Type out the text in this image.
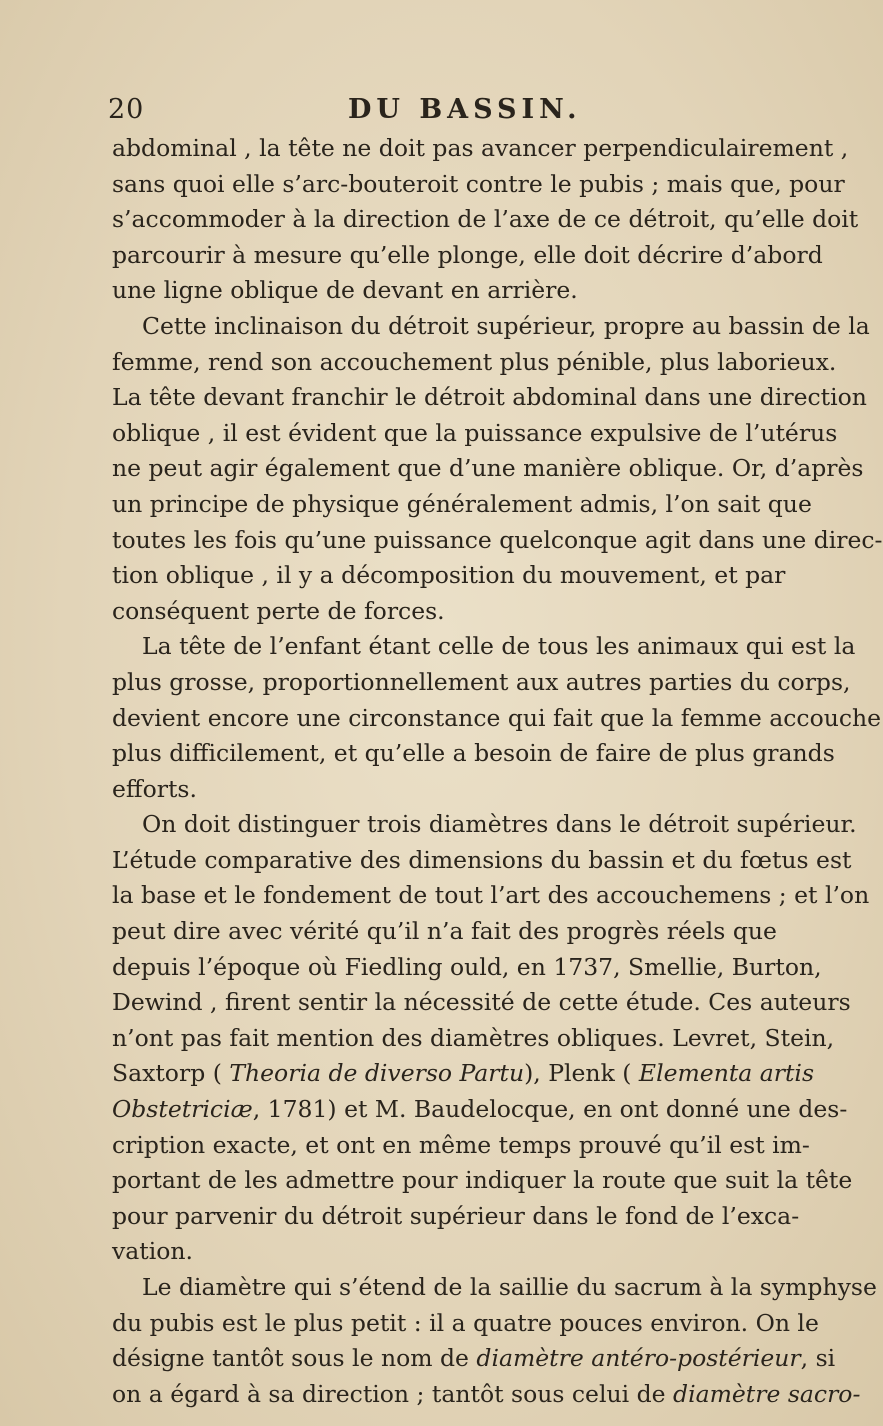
20	DU BASSIN.
abdominal , la tête ne doit pas avancer perpendiculairement ,
sans quoi elle s’arc-bouteroit contre le pubis ; mais que, pour
s’accommoder à la direction de l’axe de ce détroit, qu’elle doit
parcourir à mesure qu’elle plonge, elle doit décrire d’abord
une ligne oblique de devant en arrière.
Cette inclinaison du détroit supérieur, propre au bassin de la
femme, rend son accouchement plus pénible, plus laborieux.
La tête devant franchir le détroit abdominal dans une direction
oblique , il est évident que la puissance expulsive de l’utérus
ne peut agir également que d’une manière oblique. Or, d’après
un principe de physique généralement admis, l’on sait que
toutes les fois qu’une puissance quelconque agit dans une direc-
tion oblique , il y a décomposition du mouvement, et par
conséquent perte de forces.
La tête de l’enfant étant celle de tous les animaux qui est la
plus grosse, proportionnellement aux autres parties du corps,
devient encore une circonstance qui fait que la femme accouche
plus difficilement, et qu’elle a besoin de faire de plus grands
efforts.
On doit distinguer trois diamètres dans le détroit supérieur.
L’étude comparative des dimensions du bassin et du fœtus est
la base et le fondement de tout l’art des accouchemens ; et l’on
peut dire avec vérité qu’il n’a fait des progrès réels que
depuis l’époque où Fiedling ould, en 1737, Smellie, Burton,
Dewind , firent sentir la nécessité de cette étude. Ces auteurs
n’ont pas fait mention des diamètres obliques. Levret, Stein,
Saxtorp ( Theoria de diverso Partu), Plenk ( Elementa artis
Obstetriciæ, 1781) et M. Baudelocque, en ont donné une des-
cription exacte, et ont en même temps prouvé qu’il est im-
portant de les admettre pour indiquer la route que suit la tête
pour parvenir du détroit supérieur dans le fond de l’exca-
vation.
Le diamètre qui s’étend de la saillie du sacrum à la symphyse
du pubis est le plus petit : il a quatre pouces environ. On le
désigne tantôt sous le nom de diamètre antéro-postérieur, si
on a égard à sa direction ; tantôt sous celui de diamètre sacro-
